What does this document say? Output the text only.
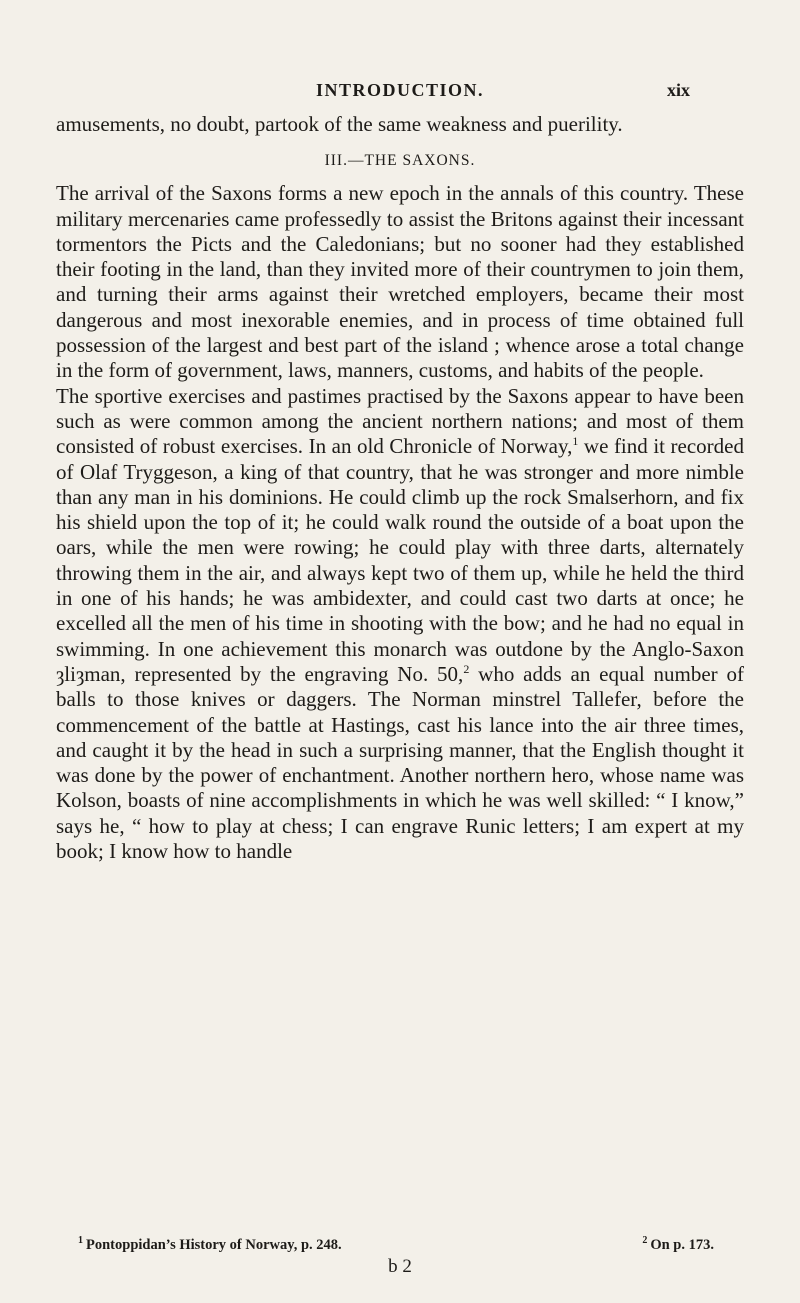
INTRODUCTION.	xix

amusements, no doubt, partook of the same weakness and puerility.

III.—THE SAXONS.

The arrival of the Saxons forms a new epoch in the annals of this country. These military mercenaries came professedly to assist the Britons against their incessant tormentors the Picts and the Caledonians; but no sooner had they established their footing in the land, than they invited more of their countrymen to join them, and turning their arms against their wretched employers, became their most dangerous and most inexorable enemies, and in process of time obtained full possession of the largest and best part of the island ; whence arose a total change in the form of government, laws, manners, customs, and habits of the people.

The sportive exercises and pastimes practised by the Saxons appear to have been such as were common among the ancient northern nations; and most of them consisted of robust exercises. In an old Chronicle of Norway,$^1$ we find it recorded of Olaf Tryggeson, a king of that country, that he was stronger and more nimble than any man in his dominions. He could climb up the rock Smalserhorn, and fix his shield upon the top of it; he could walk round the outside of a boat upon the oars, while the men were rowing; he could play with three darts, alternately throwing them in the air, and always kept two of them up, while he held the third in one of his hands; he was ambidexter, and could cast two darts at once; he excelled all the men of his time in shooting with the bow; and he had no equal in swimming. In one achievement this monarch was outdone by the Anglo-Saxon ȝliȝman, represented by the engraving No. 50,$^2$ who adds an equal number of balls to those knives or daggers. The Norman minstrel Tallefer, before the commencement of the battle at Hastings, cast his lance into the air three times, and caught it by the head in such a surprising manner, that the English thought it was done by the power of enchantment. Another northern hero, whose name was Kolson, boasts of nine accomplishments in which he was well skilled: “ I know,” says he, “ how to play at chess; I can engrave Runic letters; I am expert at my book; I know how to handle

$^1$ Pontoppidan’s History of Norway, p. 248.	$^2$ On p. 173.
b 2
